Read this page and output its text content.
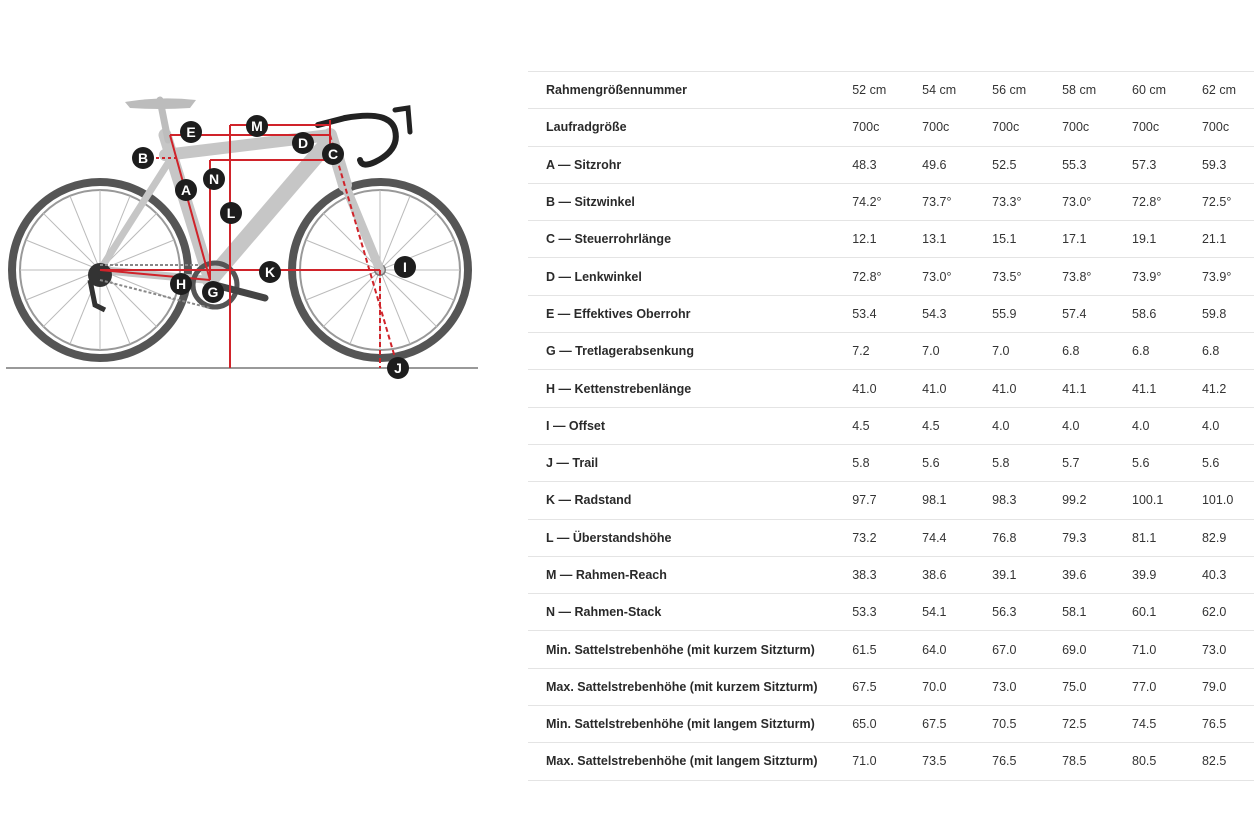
A
B	C
D
E
G
H
I
J
K
L
M
N
Rahmengrößennummer	52 cm	54 cm	56 cm	58 cm	60 cm	62 cm
Laufradgröße	700c	700c	700c	700c	700c	700c
A — Sitzrohr	48.3	49.6	52.5	55.3	57.3	59.3
B — Sitzwinkel	74.2°	73.7°	73.3°	73.0°	72.8°	72.5°
C — Steuerrohrlänge	12.1	13.1	15.1	17.1	19.1	21.1
D — Lenkwinkel	72.8°	73.0°	73.5°	73.8°	73.9°	73.9°
E — Effektives Oberrohr	53.4	54.3	55.9	57.4	58.6	59.8
G — Tretlagerabsenkung	7.2	7.0	7.0	6.8	6.8	6.8
H — Kettenstrebenlänge	41.0	41.0	41.0	41.1	41.1	41.2
I — Offset	4.5	4.5	4.0	4.0	4.0	4.0
J — Trail	5.8	5.6	5.8	5.7	5.6	5.6
K — Radstand	97.7	98.1	98.3	99.2	100.1	101.0
L — Überstandshöhe	73.2	74.4	76.8	79.3	81.1	82.9
M — Rahmen-Reach	38.3	38.6	39.1	39.6	39.9	40.3
N — Rahmen-Stack	53.3	54.1	56.3	58.1	60.1	62.0
Min. Sattelstrebenhöhe (mit kurzem Sitzturm)	61.5	64.0	67.0	69.0	71.0	73.0
Max. Sattelstrebenhöhe (mit kurzem Sitzturm)	67.5	70.0	73.0	75.0	77.0	79.0
Min. Sattelstrebenhöhe (mit langem Sitzturm)	65.0	67.5	70.5	72.5	74.5	76.5
Max. Sattelstrebenhöhe (mit langem Sitzturm)	71.0	73.5	76.5	78.5	80.5	82.5
